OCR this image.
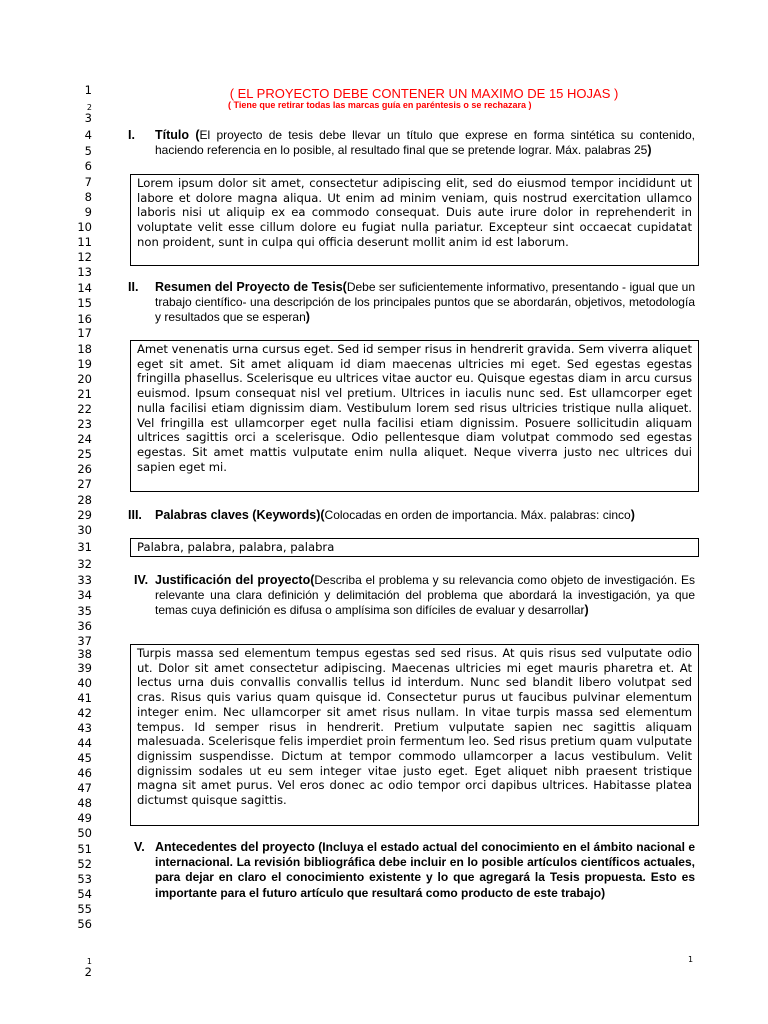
1
2
3
4
5
6
7
8
9
10
11
12
13
14
15
16
17
18
19
20
21
22
23
24
25
26
27
28
29
30
31
32
33
34
35
36
37
38
39
40
41
42
43
44
45
46
47
48
49
50
51
52
53
54
55
56
( EL PROYECTO DEBE CONTENER UN MAXIMO DE 15 HOJAS )
( Tiene que retirar todas las marcas guía en paréntesis o se rechazara )
I. Título (El proyecto de tesis debe llevar un título que exprese en forma sintética su contenido, haciendo referencia en lo posible, al resultado final que se pretende lograr. Máx. palabras 25)
Lorem ipsum dolor sit amet, consectetur adipiscing elit, sed do eiusmod tempor incididunt ut labore et dolore magna aliqua. Ut enim ad minim veniam, quis nostrud exercitation ullamco laboris nisi ut aliquip ex ea commodo consequat. Duis aute irure dolor in reprehenderit in voluptate velit esse cillum dolore eu fugiat nulla pariatur. Excepteur sint occaecat cupidatat non proident, sunt in culpa qui officia deserunt mollit anim id est laborum.
II. Resumen del Proyecto de Tesis(Debe ser suficientemente informativo, presentando - igual que un trabajo científico- una descripción de los principales puntos que se abordarán, objetivos, metodología y resultados que se esperan)
Amet venenatis urna cursus eget. Sed id semper risus in hendrerit gravida. Sem viverra aliquet eget sit amet. Sit amet aliquam id diam maecenas ultricies mi eget. Sed egestas egestas fringilla phasellus. Scelerisque eu ultrices vitae auctor eu. Quisque egestas diam in arcu cursus euismod. Ipsum consequat nisl vel pretium. Ultrices in iaculis nunc sed. Est ullamcorper eget nulla facilisi etiam dignissim diam. Vestibulum lorem sed risus ultricies tristique nulla aliquet. Vel fringilla est ullamcorper eget nulla facilisi etiam dignissim. Posuere sollicitudin aliquam ultrices sagittis orci a scelerisque. Odio pellentesque diam volutpat commodo sed egestas egestas. Sit amet mattis vulputate enim nulla aliquet. Neque viverra justo nec ultrices dui sapien eget mi.
III. Palabras claves (Keywords)(Colocadas en orden de importancia. Máx. palabras: cinco)
Palabra, palabra, palabra, palabra
IV. Justificación del proyecto(Describa el problema y su relevancia como objeto de investigación. Es relevante una clara definición y delimitación del problema que abordará la investigación, ya que temas cuya definición es difusa o amplísima son difíciles de evaluar y desarrollar)
Turpis massa sed elementum tempus egestas sed sed risus. At quis risus sed vulputate odio ut. Dolor sit amet consectetur adipiscing. Maecenas ultricies mi eget mauris pharetra et. At lectus urna duis convallis convallis tellus id interdum. Nunc sed blandit libero volutpat sed cras. Risus quis varius quam quisque id. Consectetur purus ut faucibus pulvinar elementum integer enim. Nec ullamcorper sit amet risus nullam. In vitae turpis massa sed elementum tempus. Id semper risus in hendrerit. Pretium vulputate sapien nec sagittis aliquam malesuada. Scelerisque felis imperdiet proin fermentum leo. Sed risus pretium quam vulputate dignissim suspendisse. Dictum at tempor commodo ullamcorper a lacus vestibulum. Velit dignissim sodales ut eu sem integer vitae justo eget. Eget aliquet nibh praesent tristique magna sit amet purus. Vel eros donec ac odio tempor orci dapibus ultrices. Habitasse platea dictumst quisque sagittis.
V. Antecedentes del proyecto (Incluya el estado actual del conocimiento en el ámbito nacional e internacional. La revisión bibliográfica debe incluir en lo posible artículos científicos actuales, para dejar en claro el conocimiento existente y lo que agregará la Tesis propuesta. Esto es importante para el futuro artículo que resultará como producto de este trabajo)
1
2
1
